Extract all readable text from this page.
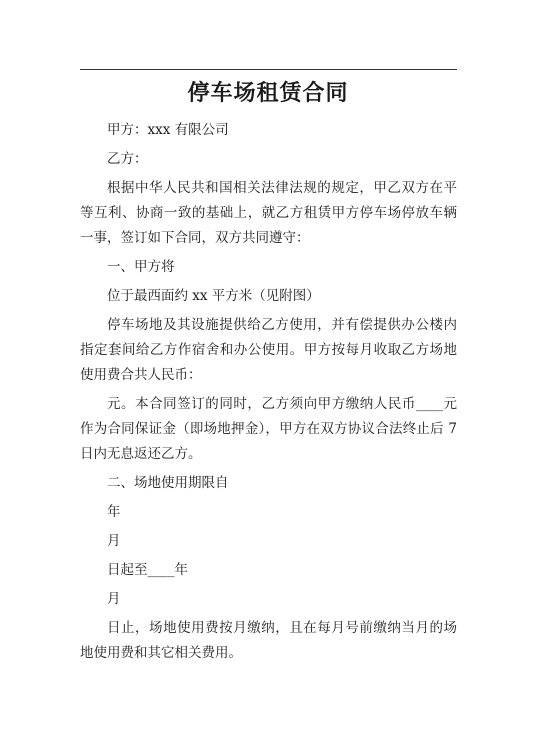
停车场租赁合同

甲方：xxx 有限公司

乙方：

根据中华人民共和国相关法律法规的规定，甲乙双方在平等互利、协商一致的基础上，就乙方租赁甲方停车场停放车辆一事，签订如下合同，双方共同遵守：

一、甲方将

位于最西面约 xx 平方米（见附图）

停车场地及其设施提供给乙方使用，并有偿提供办公楼内指定套间给乙方作宿舍和办公使用。甲方按每月收取乙方场地使用费合共人民币：

元。本合同签订的同时，乙方须向甲方缴纳人民币____元作为合同保证金（即场地押金），甲方在双方协议合法终止后 7 日内无息返还乙方。

二、场地使用期限自

年

月

日起至____年

月

日止，场地使用费按月缴纳，且在每月号前缴纳当月的场地使用费和其它相关费用。
